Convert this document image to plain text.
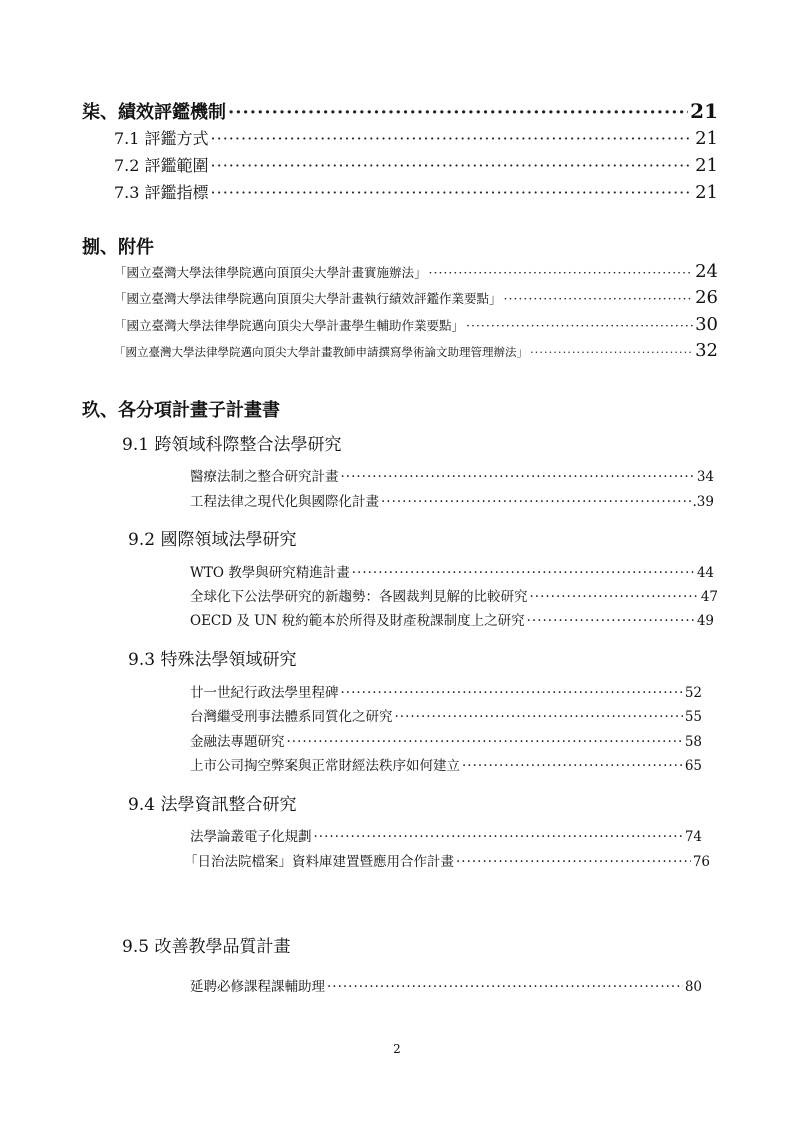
柒、績效評鑑機制 ·····	21
7.1 評鑑方式 ·····	21
7.2 評鑑範圍 ·····	21
7.3 評鑑指標 ·····	21
捌、附件
「國立臺灣大學法律學院邁向頂頂尖大學計畫實施辦法」 ·····	24
「國立臺灣大學法律學院邁向頂頂尖大學計畫執行績效評鑑作業要點」 ·····	26
「國立臺灣大學法律學院邁向頂尖大學計畫學生輔助作業要點」 ·····	30
「國立臺灣大學法律學院邁向頂尖大學計畫教師申請撰寫學術論文助理管理辦法」 ·····	32
玖、各分項計畫子計畫書
9.1 跨領域科際整合法學研究
醫療法制之整合研究計畫 ·····	34
工程法律之現代化與國際化計畫 ·····	.39
9.2 國際領域法學研究
WTO 教學與研究精進計畫 ·····	44
全球化下公法學研究的新趨勢：各國裁判見解的比較研究 ·····	47
OECD 及 UN 稅約範本於所得及財產稅課制度上之研究 ·····	49
9.3 特殊法學領域研究
廿一世紀行政法學里程碑 ·····	52
台灣繼受刑事法體系同質化之研究 ·····	55
金融法專題研究 ·····	58
上市公司掏空弊案與正常財經法秩序如何建立 ·····	65
9.4 法學資訊整合研究
法學論叢電子化規劃 ·····	74
「日治法院檔案」資料庫建置暨應用合作計畫 ·····	76
9.5 改善教學品質計畫
延聘必修課程課輔助理 ·····	80
2
